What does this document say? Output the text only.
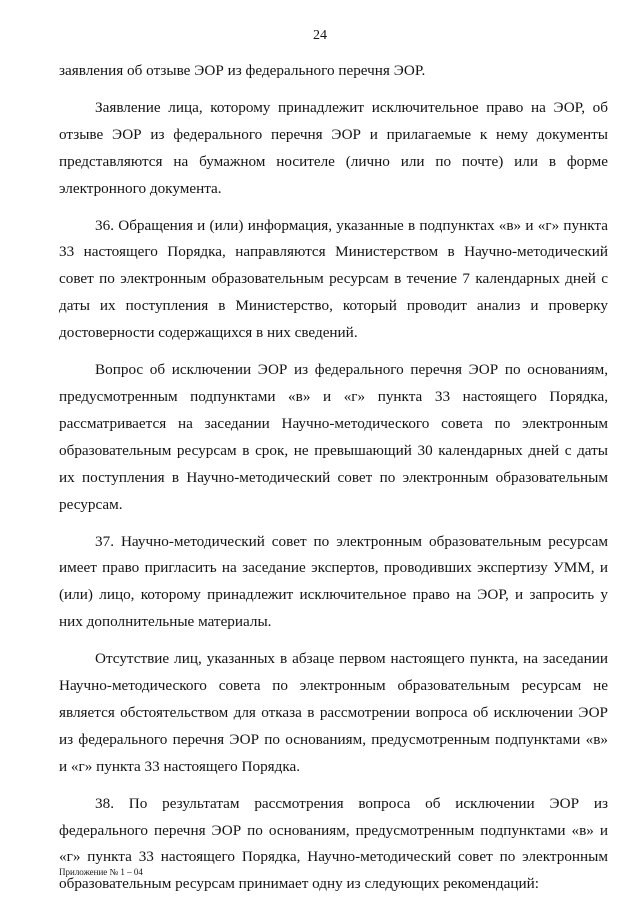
24

заявления об отзыве ЭОР из федерального перечня ЭОР.

Заявление лица, которому принадлежит исключительное право на ЭОР, об отзыве ЭОР из федерального перечня ЭОР и прилагаемые к нему документы представляются на бумажном носителе (лично или по почте) или в форме электронного документа.

36. Обращения и (или) информация, указанные в подпунктах «в» и «г» пункта 33 настоящего Порядка, направляются Министерством в Научно-методический совет по электронным образовательным ресурсам в течение 7 календарных дней с даты их поступления в Министерство, который проводит анализ и проверку достоверности содержащихся в них сведений.

Вопрос об исключении ЭОР из федерального перечня ЭОР по основаниям, предусмотренным подпунктами «в» и «г» пункта 33 настоящего Порядка, рассматривается на заседании Научно-методического совета по электронным образовательным ресурсам в срок, не превышающий 30 календарных дней с даты их поступления в Научно-методический совет по электронным образовательным ресурсам.

37. Научно-методический совет по электронным образовательным ресурсам имеет право пригласить на заседание экспертов, проводивших экспертизу УММ, и (или) лицо, которому принадлежит исключительное право на ЭОР, и запросить у них дополнительные материалы.

Отсутствие лиц, указанных в абзаце первом настоящего пункта, на заседании Научно-методического совета по электронным образовательным ресурсам не является обстоятельством для отказа в рассмотрении вопроса об исключении ЭОР из федерального перечня ЭОР по основаниям, предусмотренным подпунктами «в» и «г» пункта 33 настоящего Порядка.

38. По результатам рассмотрения вопроса об исключении ЭОР из федерального перечня ЭОР по основаниям, предусмотренным подпунктами «в» и «г» пункта 33 настоящего Порядка, Научно-методический совет по электронным образовательным ресурсам принимает одну из следующих рекомендаций:

Приложение № 1 – 04
